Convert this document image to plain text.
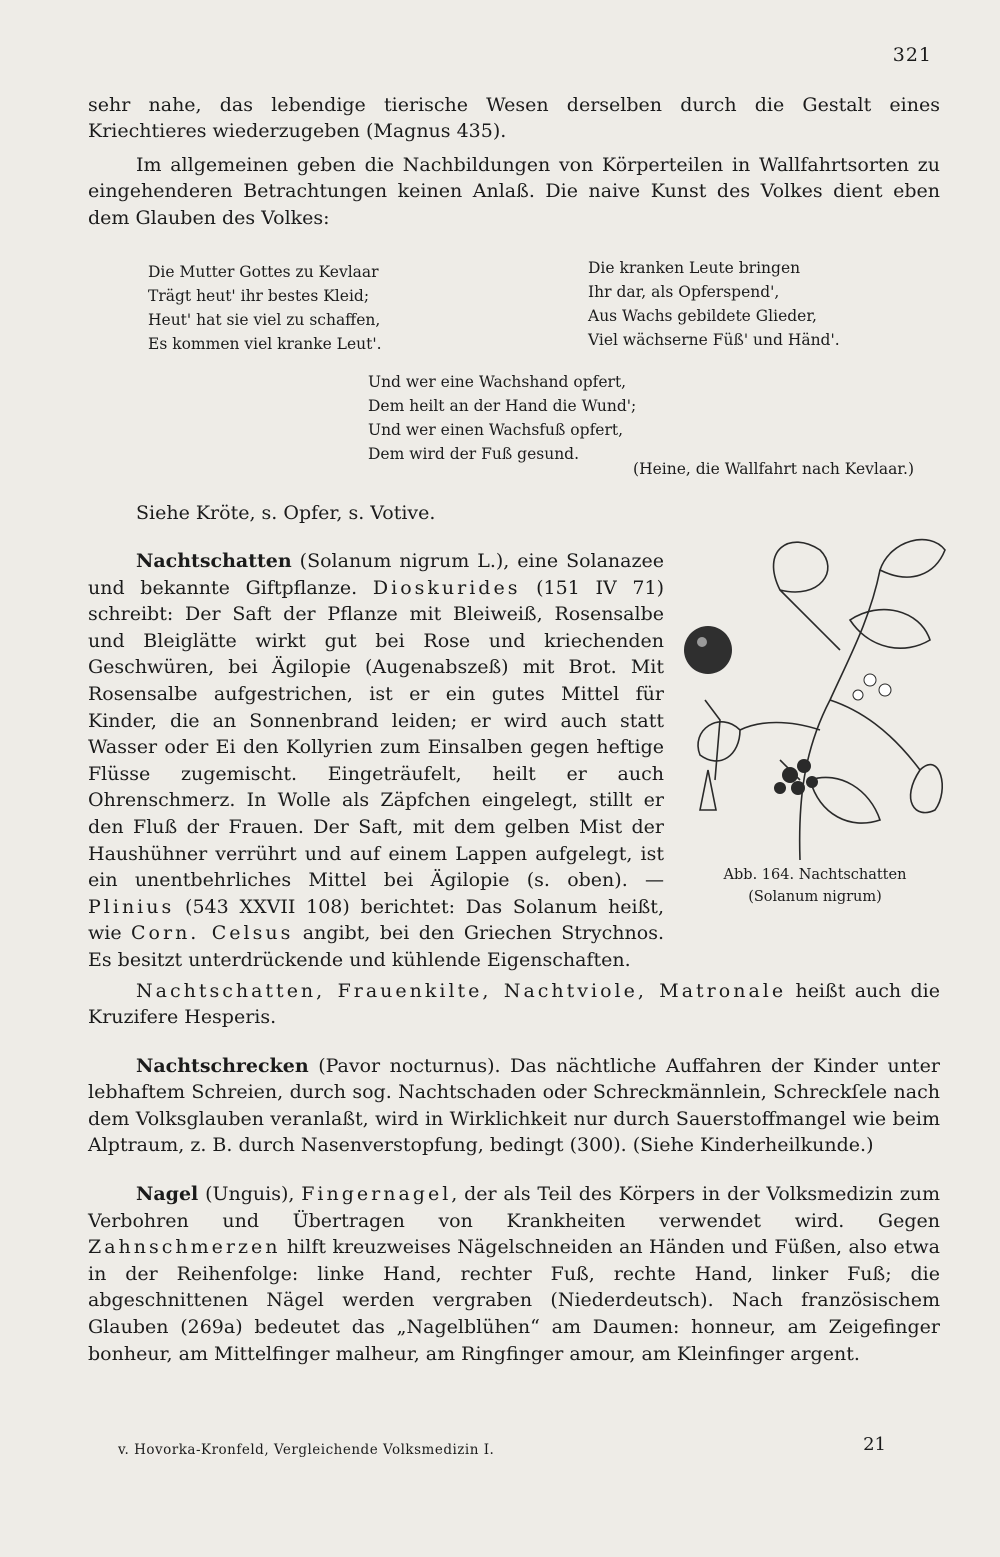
321

sehr nahe, das lebendige tierische Wesen derselben durch die Gestalt eines Kriechtieres wiederzugeben (Magnus 435).

Im allgemeinen geben die Nachbildungen von Körperteilen in Wallfahrtsorten zu eingehenderen Betrachtungen keinen Anlaß. Die naive Kunst des Volkes dient eben dem Glauben des Volkes:

Die Mutter Gottes zu Kevlaar
Trägt heut' ihr bestes Kleid;
Heut' hat sie viel zu schaffen,
Es kommen viel kranke Leut'.
Die kranken Leute bringen
Ihr dar, als Opferspend',
Aus Wachs gebildete Glieder,
Viel wächserne Füß' und Händ'.
Und wer eine Wachshand opfert,
Dem heilt an der Hand die Wund';
Und wer einen Wachsfuß opfert,
Dem wird der Fuß gesund.
(Heine, die Wallfahrt nach Kevlaar.)

Siehe Kröte, s. Opfer, s. Votive.

Abb. 164. Nachtschatten
(Solanum nigrum)

Nachtschatten (Solanum nigrum L.), eine Solanazee und bekannte Giftpflanze. Dioskurides (151 IV 71) schreibt: Der Saft der Pflanze mit Bleiweiß, Rosensalbe und Bleiglätte wirkt gut bei Rose und kriechenden Geschwüren, bei Ägilopie (Augenabszeß) mit Brot. Mit Rosensalbe aufgestrichen, ist er ein gutes Mittel für Kinder, die an Sonnenbrand leiden; er wird auch statt Wasser oder Ei den Kollyrien zum Einsalben gegen heftige Flüsse zugemischt. Eingeträufelt, heilt er auch Ohrenschmerz. In Wolle als Zäpfchen eingelegt, stillt er den Fluß der Frauen. Der Saft, mit dem gelben Mist der Haushühner verrührt und auf einem Lappen aufgelegt, ist ein unentbehrliches Mittel bei Ägilopie (s. oben). — Plinius (543 XXVII 108) berichtet: Das Solanum heißt, wie Corn. Celsus angibt, bei den Griechen Strychnos. Es besitzt unterdrückende und kühlende Eigenschaften.

Nachtschatten, Frauenkilte, Nachtviole, Matronale heißt auch die Kruzifere Hesperis.

Nachtschrecken (Pavor nocturnus). Das nächtliche Auffahren der Kinder unter lebhaftem Schreien, durch sog. Nachtschaden oder Schreckmännlein, Schreckſele nach dem Volksglauben veranlaßt, wird in Wirklichkeit nur durch Sauerstoffmangel wie beim Alptraum, z. B. durch Nasenverstopfung, bedingt (300). (Siehe Kinderheilkunde.)

Nagel (Unguis), Fingernagel, der als Teil des Körpers in der Volksmedizin zum Verbohren und Übertragen von Krankheiten verwendet wird. Gegen Zahnschmerzen hilft kreuzweises Nägelschneiden an Händen und Füßen, also etwa in der Reihenfolge: linke Hand, rechter Fuß, rechte Hand, linker Fuß; die abgeschnittenen Nägel werden vergraben (Niederdeutsch). Nach französischem Glauben (269a) bedeutet das „Nagelblühen“ am Daumen: honneur, am Zeigefinger bonheur, am Mittelfinger malheur, am Ringfinger amour, am Kleinfinger argent.

v. Hovorka-Kronfeld, Vergleichende Volksmedizin I.	21
